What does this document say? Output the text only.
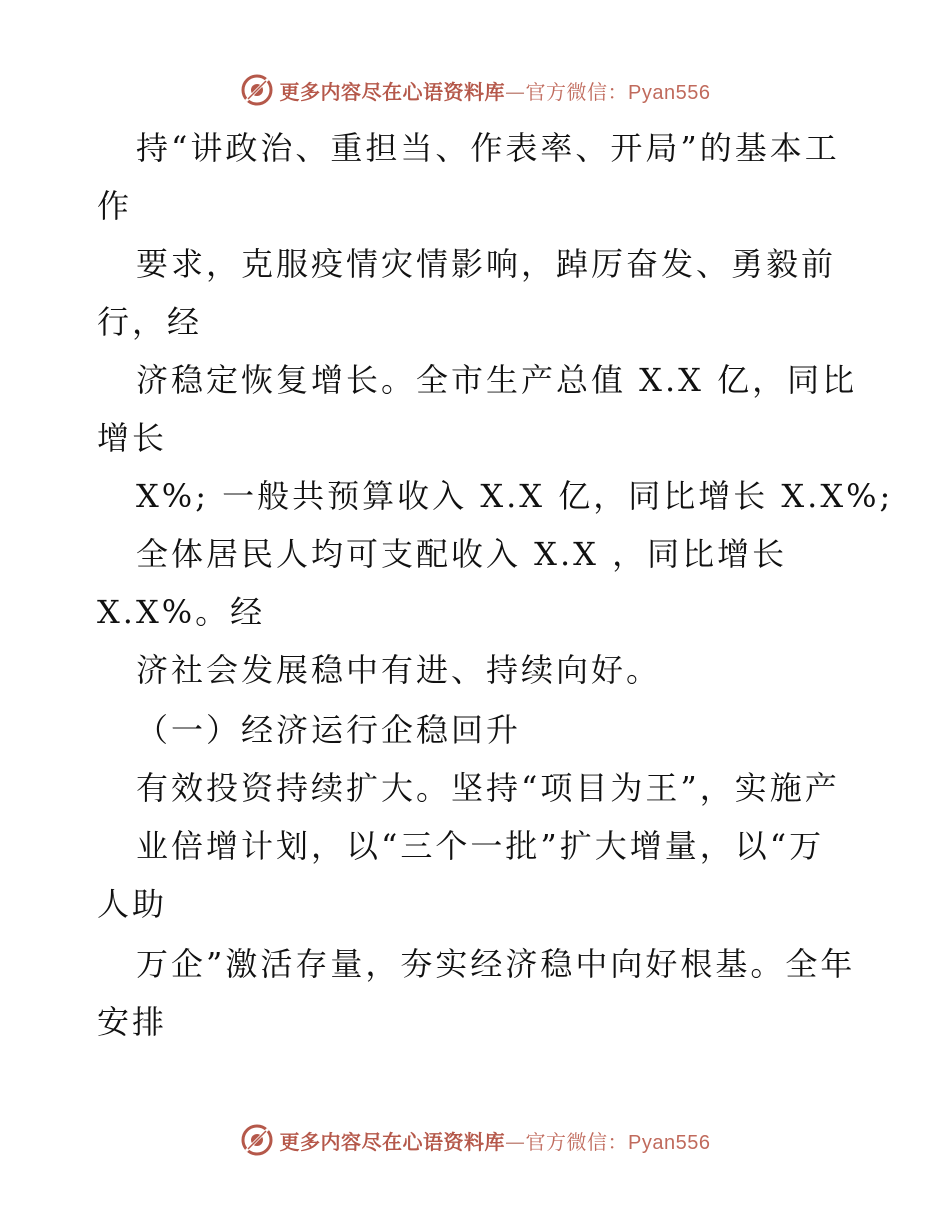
更多内容尽在心语资料库—官方微信：Pyan556
持“讲政治、重担当、作表率、开局”的基本工
作
要求，克服疫情灾情影响，踔厉奋发、勇毅前
行，经
济稳定恢复增长。全市生产总值 X.X 亿，同比
增长
X%; 一般共预算收入 X.X 亿，同比增长 X.X%;
全体居民人均可支配收入 X.X ，同比增长
X.X%。经
济社会发展稳中有进、持续向好。
（一）经济运行企稳回升
有效投资持续扩大。坚持“项目为王”，实施产
业倍增计划，以“三个一批”扩大增量，以“万
人助
万企”激活存量，夯实经济稳中向好根基。全年
安排
更多内容尽在心语资料库—官方微信：Pyan556
